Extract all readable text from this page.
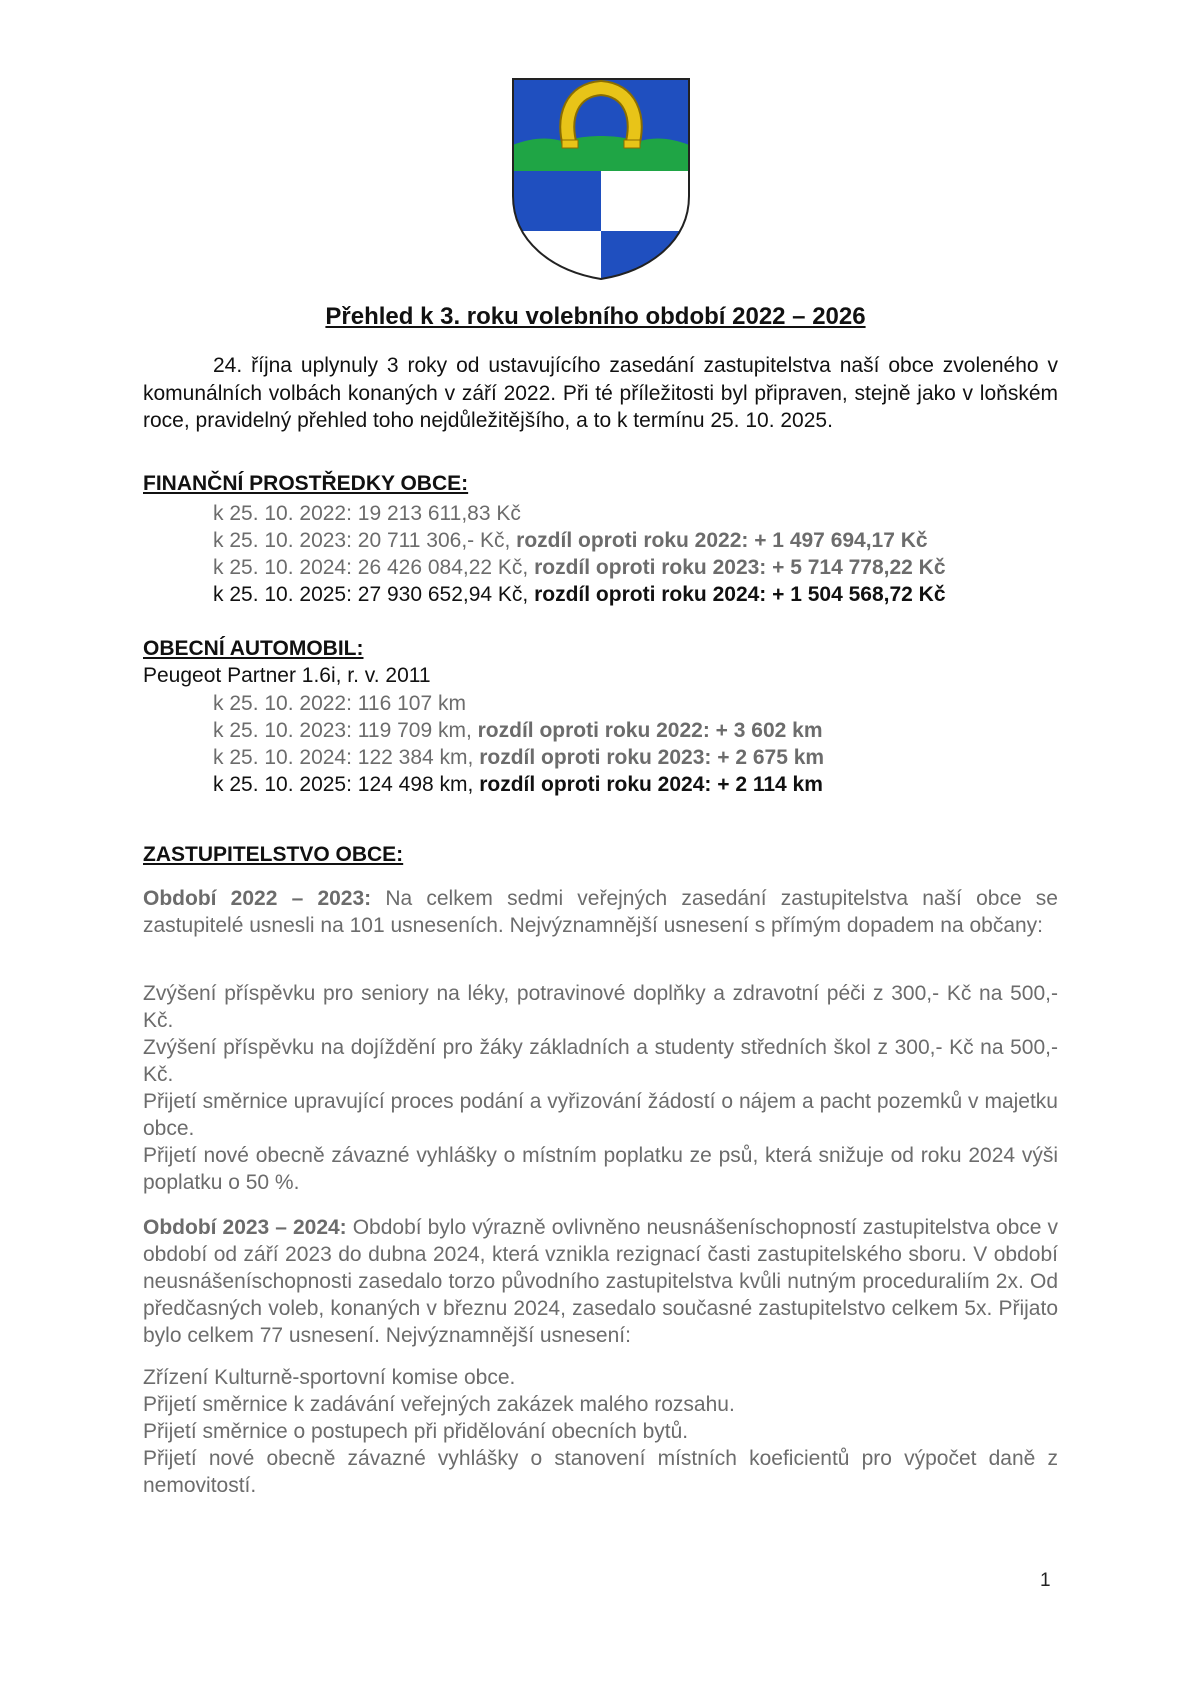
Přehled k 3. roku volebního období 2022 – 2026

24. října uplynuly 3 roky od ustavujícího zasedání zastupitelstva naší obce zvoleného v komunálních volbách konaných v září 2022. Při té příležitosti byl připraven, stejně jako v loňském roce, pravidelný přehled toho nejdůležitějšího, a to k termínu 25. 10. 2025.

FINANČNÍ PROSTŘEDKY OBCE:
k 25. 10. 2022: 19 213 611,83 Kč
k 25. 10. 2023: 20 711 306,- Kč, rozdíl oproti roku 2022: + 1 497 694,17 Kč
k 25. 10. 2024: 26 426 084,22 Kč, rozdíl oproti roku 2023: + 5 714 778,22 Kč
k 25. 10. 2025: 27 930 652,94 Kč, rozdíl oproti roku 2024: + 1 504 568,72 Kč
OBECNÍ AUTOMOBIL:
Peugeot Partner 1.6i, r. v. 2011
k 25. 10. 2022: 116 107 km
k 25. 10. 2023: 119 709 km, rozdíl oproti roku 2022: + 3 602 km
k 25. 10. 2024: 122 384 km, rozdíl oproti roku 2023: + 2 675 km
k 25. 10. 2025: 124 498 km, rozdíl oproti roku 2024: + 2 114 km
ZASTUPITELSTVO OBCE:

Období 2022 – 2023: Na celkem sedmi veřejných zasedání zastupitelstva naší obce se zastupitelé usnesli na 101 usneseních. Nejvýznamnější usnesení s přímým dopadem na občany:

Zvýšení příspěvku pro seniory na léky, potravinové doplňky a zdravotní péči z 300,- Kč na 500,- Kč.

Zvýšení příspěvku na dojíždění pro žáky základních a studenty středních škol z 300,- Kč na 500,- Kč.

Přijetí směrnice upravující proces podání a vyřizování žádostí o nájem a pacht pozemků v majetku obce.

Přijetí nové obecně závazné vyhlášky o místním poplatku ze psů, která snižuje od roku 2024 výši poplatku o 50 %.

Období 2023 – 2024: Období bylo výrazně ovlivněno neusnášeníschopností zastupitelstva obce v období od září 2023 do dubna 2024, která vznikla rezignací časti zastupitelského sboru. V období neusnášeníschopnosti zasedalo torzo původního zastupitelstva kvůli nutným proceduraliím 2x. Od předčasných voleb, konaných v březnu 2024, zasedalo současné zastupitelstvo celkem 5x. Přijato bylo celkem 77 usnesení. Nejvýznamnější usnesení:

Zřízení Kulturně-sportovní komise obce.

Přijetí směrnice k zadávání veřejných zakázek malého rozsahu.

Přijetí směrnice o postupech při přidělování obecních bytů.

Přijetí nové obecně závazné vyhlášky o stanovení místních koeficientů pro výpočet daně z nemovitostí.

1
